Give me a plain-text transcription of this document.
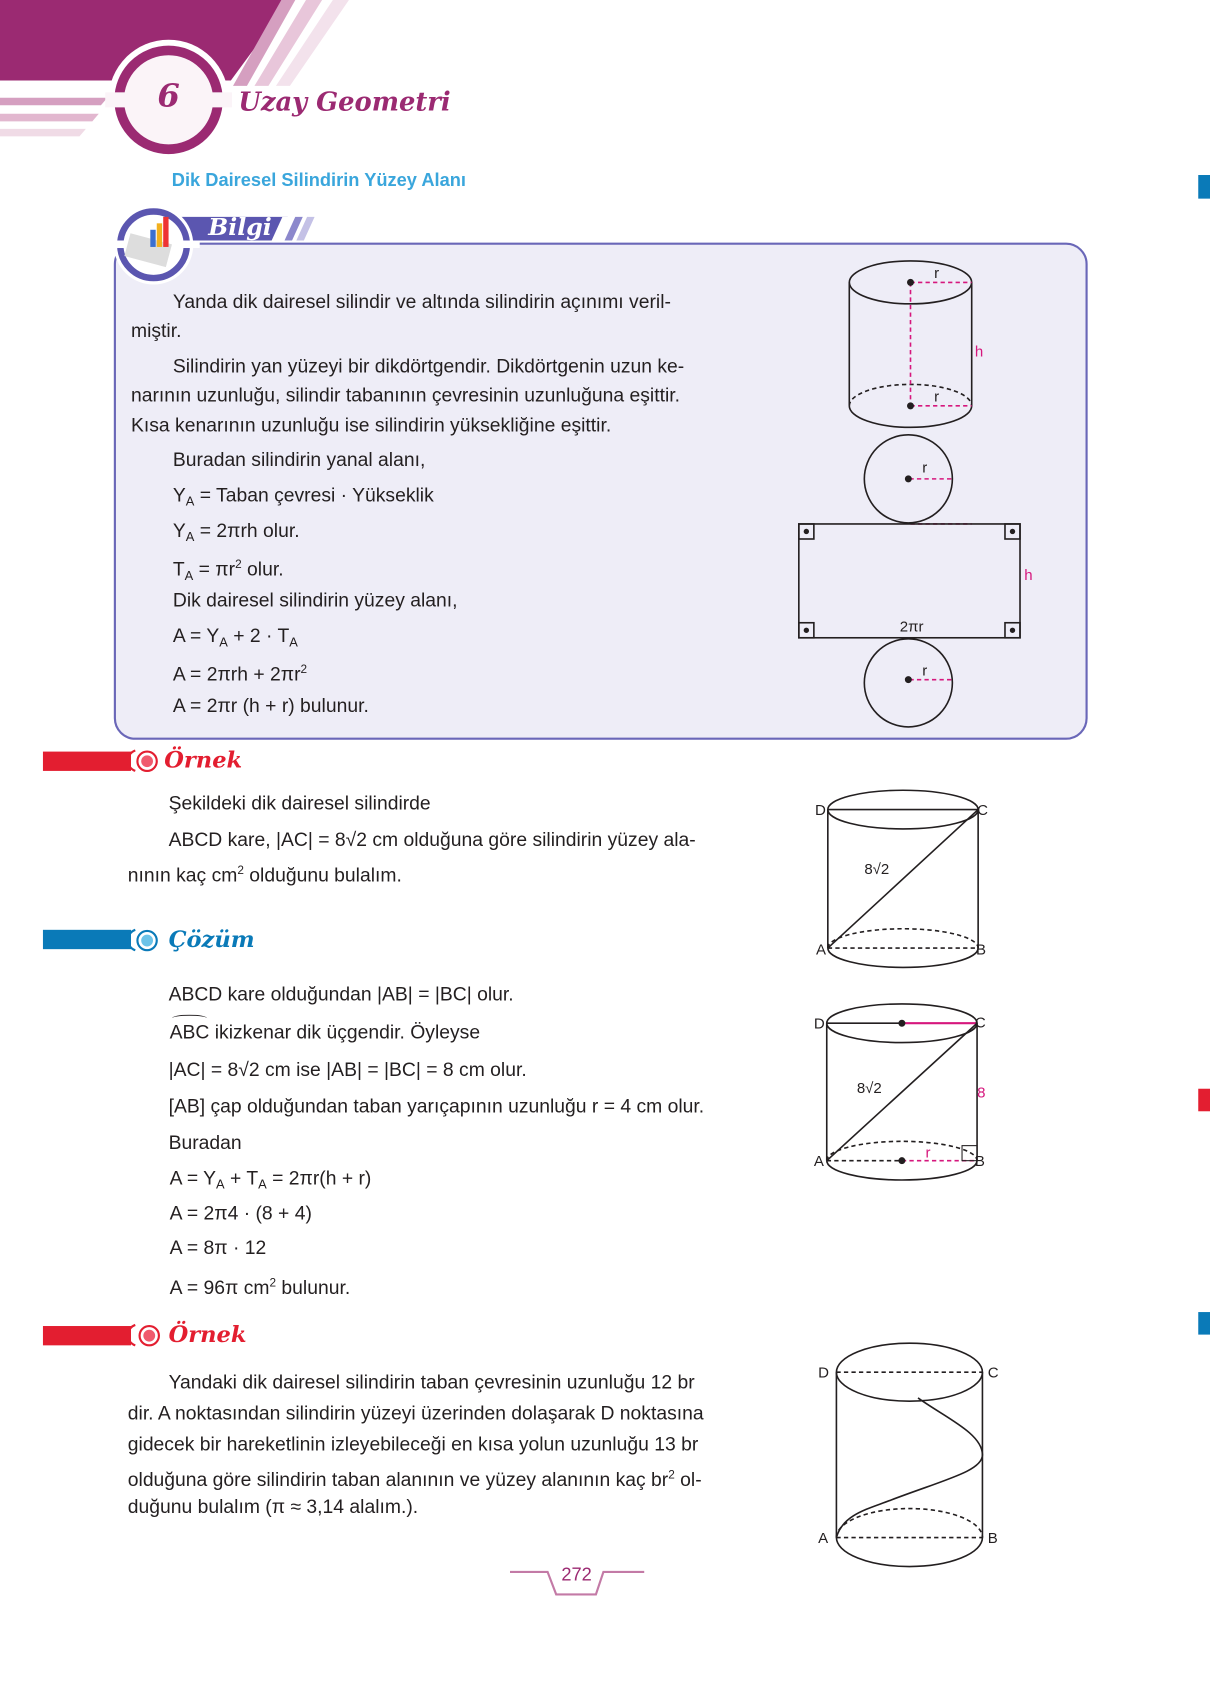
6	Uzay Geometri
Dik Dairesel Silindirin Yüzey Alanı
Bilgi
Yanda dik dairesel silindir ve altında silindirin açınımı veril-
miştir.
Silindirin yan yüzeyi bir dikdörtgendir. Dikdörtgenin uzun ke-
narının uzunluğu, silindir tabanının çevresinin uzunluğuna eşittir.
Kısa kenarının uzunluğu ise silindirin yüksekliğine eşittir.
Buradan silindirin yanal alanı,
$Y_A$ = Taban çevresi · Yükseklik
$Y_A = 2\pi rh$ olur.
$T_A = \pi r^2$ olur.
Dik dairesel silindirin yüzey alanı,
$A = Y_A + 2 \cdot T_A$
$A = 2\pi rh + 2\pi r^2$
A = 2πr (h + r) bulunur.
r
h
r
r
h
2πr
r
Örnek
Çözüm
Örnek
Şekildeki dik dairesel silindirde
ABCD kare, |AC| = 8√2 cm olduğuna göre silindirin yüzey ala-
nının kaç $cm^2$ olduğunu bulalım.
D	C
A	B
8√2
D	C
A	B
8√2	8
r
ABCD kare olduğundan |AB| = |BC| olur.
ABC ikizkenar dik üçgendir. Öyleyse
|AC| = 8√2 cm ise |AB| = |BC| = 8 cm olur.
[AB] çap olduğundan taban yarıçapının uzunluğu r = 4 cm olur.
Buradan
$A = Y_A + T_A = 2\pi r(h + r)$
A = 2π4 · (8 + 4)
A = 8π · 12
A = 96π $cm^2$ bulunur.
Yandaki dik dairesel silindirin taban çevresinin uzunluğu 12 br
dir. A noktasından silindirin yüzeyi üzerinden dolaşarak D noktasına
gidecek bir hareketlinin izleyebileceği en kısa yolun uzunluğu 13 br
olduğuna göre silindirin taban alanının ve yüzey alanının kaç $br^2$ ol-
duğunu bulalım (π ≈ 3,14 alalım.).
D	C
A	B
272
